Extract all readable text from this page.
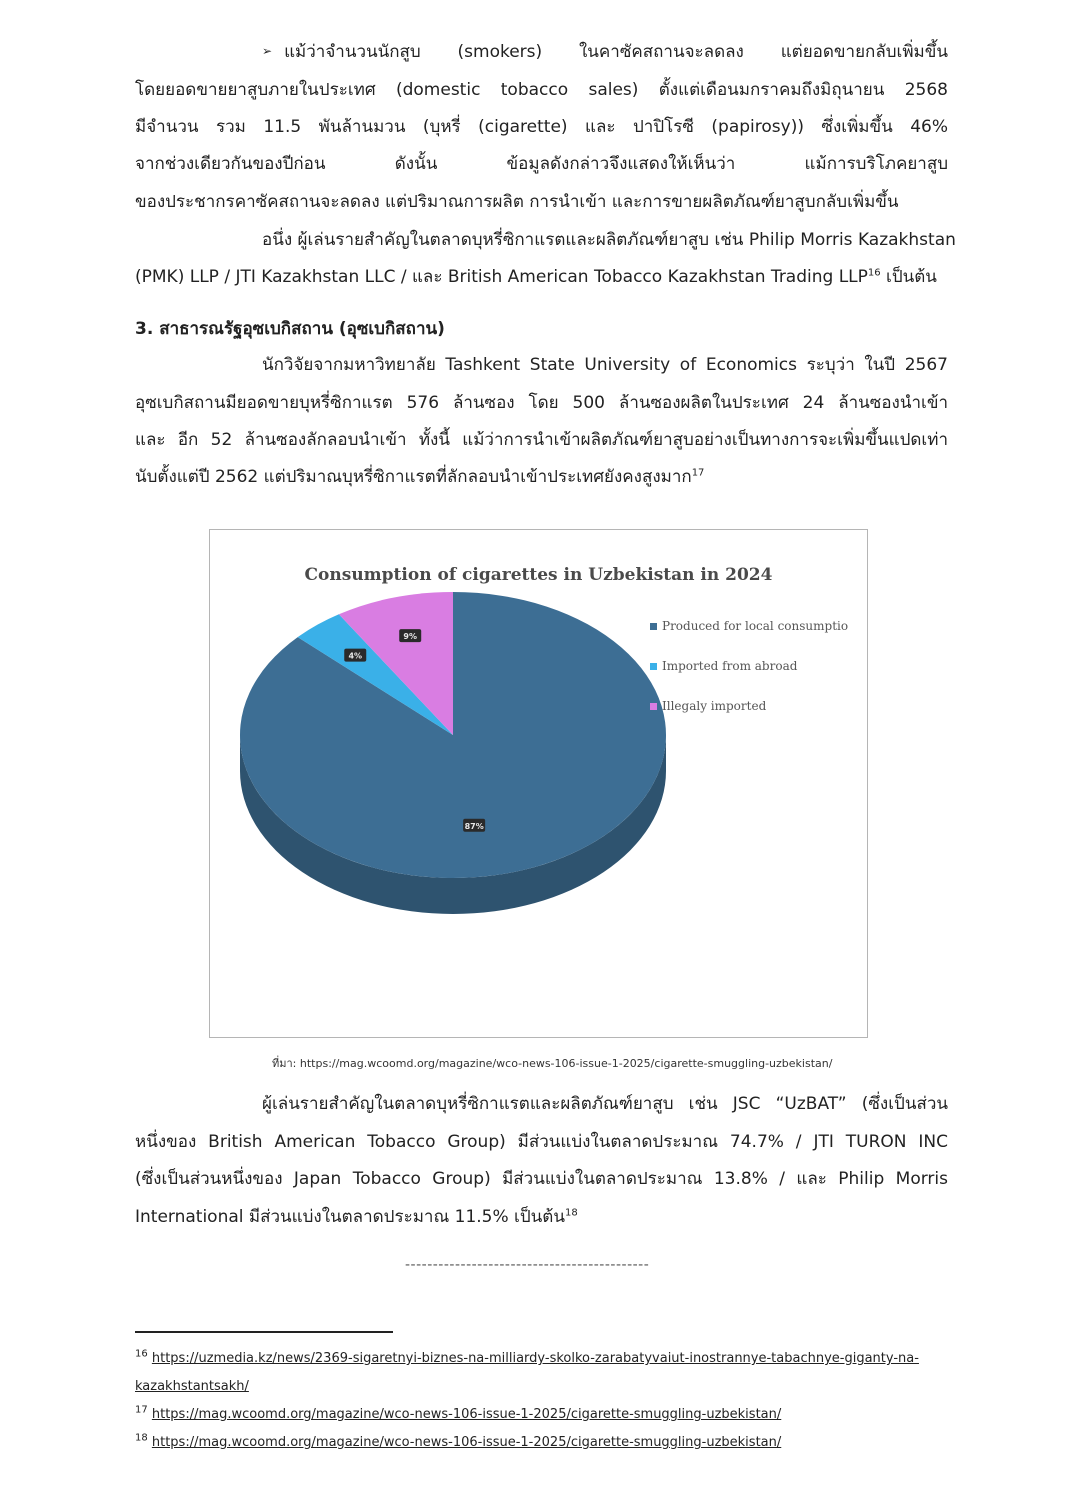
➢ แม้ว่าจำนวนนักสูบ (smokers) ในคาซัคสถานจะลดลง แต่ยอดขายกลับเพิ่มขึ้น
โดยยอดขายยาสูบภายในประเทศ (domestic tobacco sales) ตั้งแต่เดือนมกราคมถึงมิถุนายน 2568
มีจำนวน รวม 11.5 พันล้านมวน (บุหรี่ (cigarette) และ ปาปิโรซี (papirosy)) ซึ่งเพิ่มขึ้น 46%
จากช่วงเดียวกันของปีก่อน ดังนั้น ข้อมูลดังกล่าวจึงแสดงให้เห็นว่า แม้การบริโภคยาสูบ
ของประชากรคาซัคสถานจะลดลง แต่ปริมาณการผลิต การนำเข้า และการขายผลิตภัณฑ์ยาสูบกลับเพิ่มขึ้น
อนึ่ง ผู้เล่นรายสำคัญในตลาดบุหรี่ซิกาแรตและผลิตภัณฑ์ยาสูบ เช่น Philip Morris Kazakhstan
(PMK) LLP / JTI Kazakhstan LLC / และ British American Tobacco Kazakhstan Trading LLP$^{16}$ เป็นต้น
3. สาธารณรัฐอุซเบกิสถาน (อุซเบกิสถาน)
นักวิจัยจากมหาวิทยาลัย Tashkent State University of Economics ระบุว่า ในปี 2567
อุซเบกิสถานมียอดขายบุหรี่ซิกาแรต 576 ล้านซอง โดย 500 ล้านซองผลิตในประเทศ 24 ล้านซองนำเข้า
และ อีก 52 ล้านซองลักลอบนำเข้า ทั้งนี้ แม้ว่าการนำเข้าผลิตภัณฑ์ยาสูบอย่างเป็นทางการจะเพิ่มขึ้นแปดเท่า
นับตั้งแต่ปี 2562 แต่ปริมาณบุหรี่ซิกาแรตที่ลักลอบนำเข้าประเทศยังคงสูงมาก$^{17}$
Consumption of cigarettes in Uzbekistan in 2024
87%
4%
9%
Produced for local consumptio
Imported from abroad
Illegaly imported
ที่มา: https://mag.wcoomd.org/magazine/wco-news-106-issue-1-2025/cigarette-smuggling-uzbekistan/
ผู้เล่นรายสำคัญในตลาดบุหรี่ซิกาแรตและผลิตภัณฑ์ยาสูบ เช่น JSC “UzBAT” (ซึ่งเป็นส่วน
หนึ่งของ British American Tobacco Group) มีส่วนแบ่งในตลาดประมาณ 74.7% / JTI TURON INC
(ซึ่งเป็นส่วนหนึ่งของ Japan Tobacco Group) มีส่วนแบ่งในตลาดประมาณ 13.8% / และ Philip Morris
International มีส่วนแบ่งในตลาดประมาณ 11.5% เป็นต้น$^{18}$
--------------------------------------------
$^{16}$ https://uzmedia.kz/news/2369-sigaretnyi-biznes-na-milliardy-skolko-zarabatyvaiut-inostrannye-tabachnye-giganty-na-
kazakhstantsakh/
$^{17}$ https://mag.wcoomd.org/magazine/wco-news-106-issue-1-2025/cigarette-smuggling-uzbekistan/
$^{18}$ https://mag.wcoomd.org/magazine/wco-news-106-issue-1-2025/cigarette-smuggling-uzbekistan/
